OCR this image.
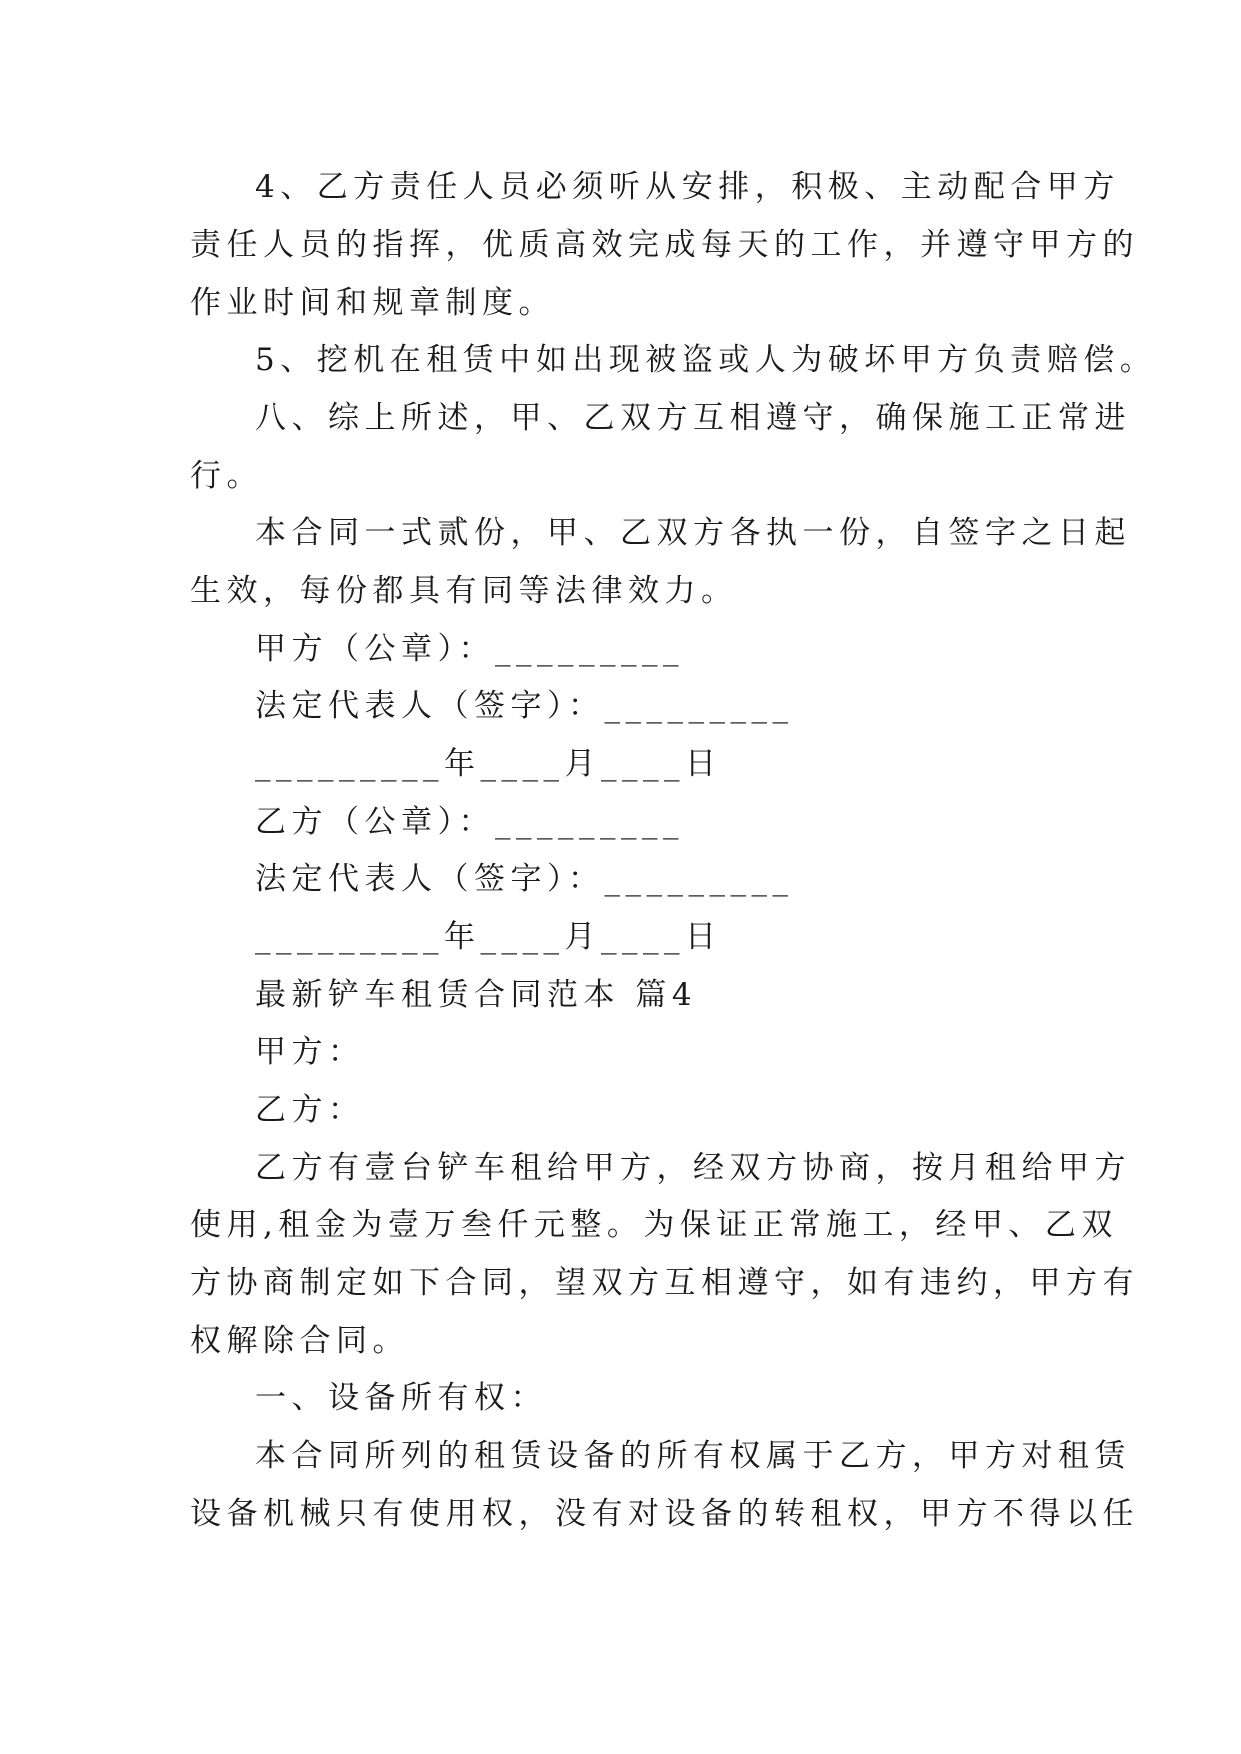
4、乙方责任人员必须听从安排，积极、主动配合甲方
责任人员的指挥，优质高效完成每天的工作，并遵守甲方的
作业时间和规章制度。
5、挖机在租赁中如出现被盗或人为破坏甲方负责赔偿。
八、综上所述，甲、乙双方互相遵守，确保施工正常进
行。
本合同一式贰份，甲、乙双方各执一份，自签字之日起
生效，每份都具有同等法律效力。
甲方（公章）：_________
法定代表人（签字）：_________
_________年____月____日
乙方（公章）：_________
法定代表人（签字）：_________
_________年____月____日
最新铲车租赁合同范本 篇4
甲方：
乙方：
乙方有壹台铲车租给甲方，经双方协商，按月租给甲方
使用,租金为壹万叁仟元整。为保证正常施工，经甲、乙双
方协商制定如下合同，望双方互相遵守，如有违约，甲方有
权解除合同。
一、设备所有权：
本合同所列的租赁设备的所有权属于乙方，甲方对租赁
设备机械只有使用权，没有对设备的转租权，甲方不得以任
